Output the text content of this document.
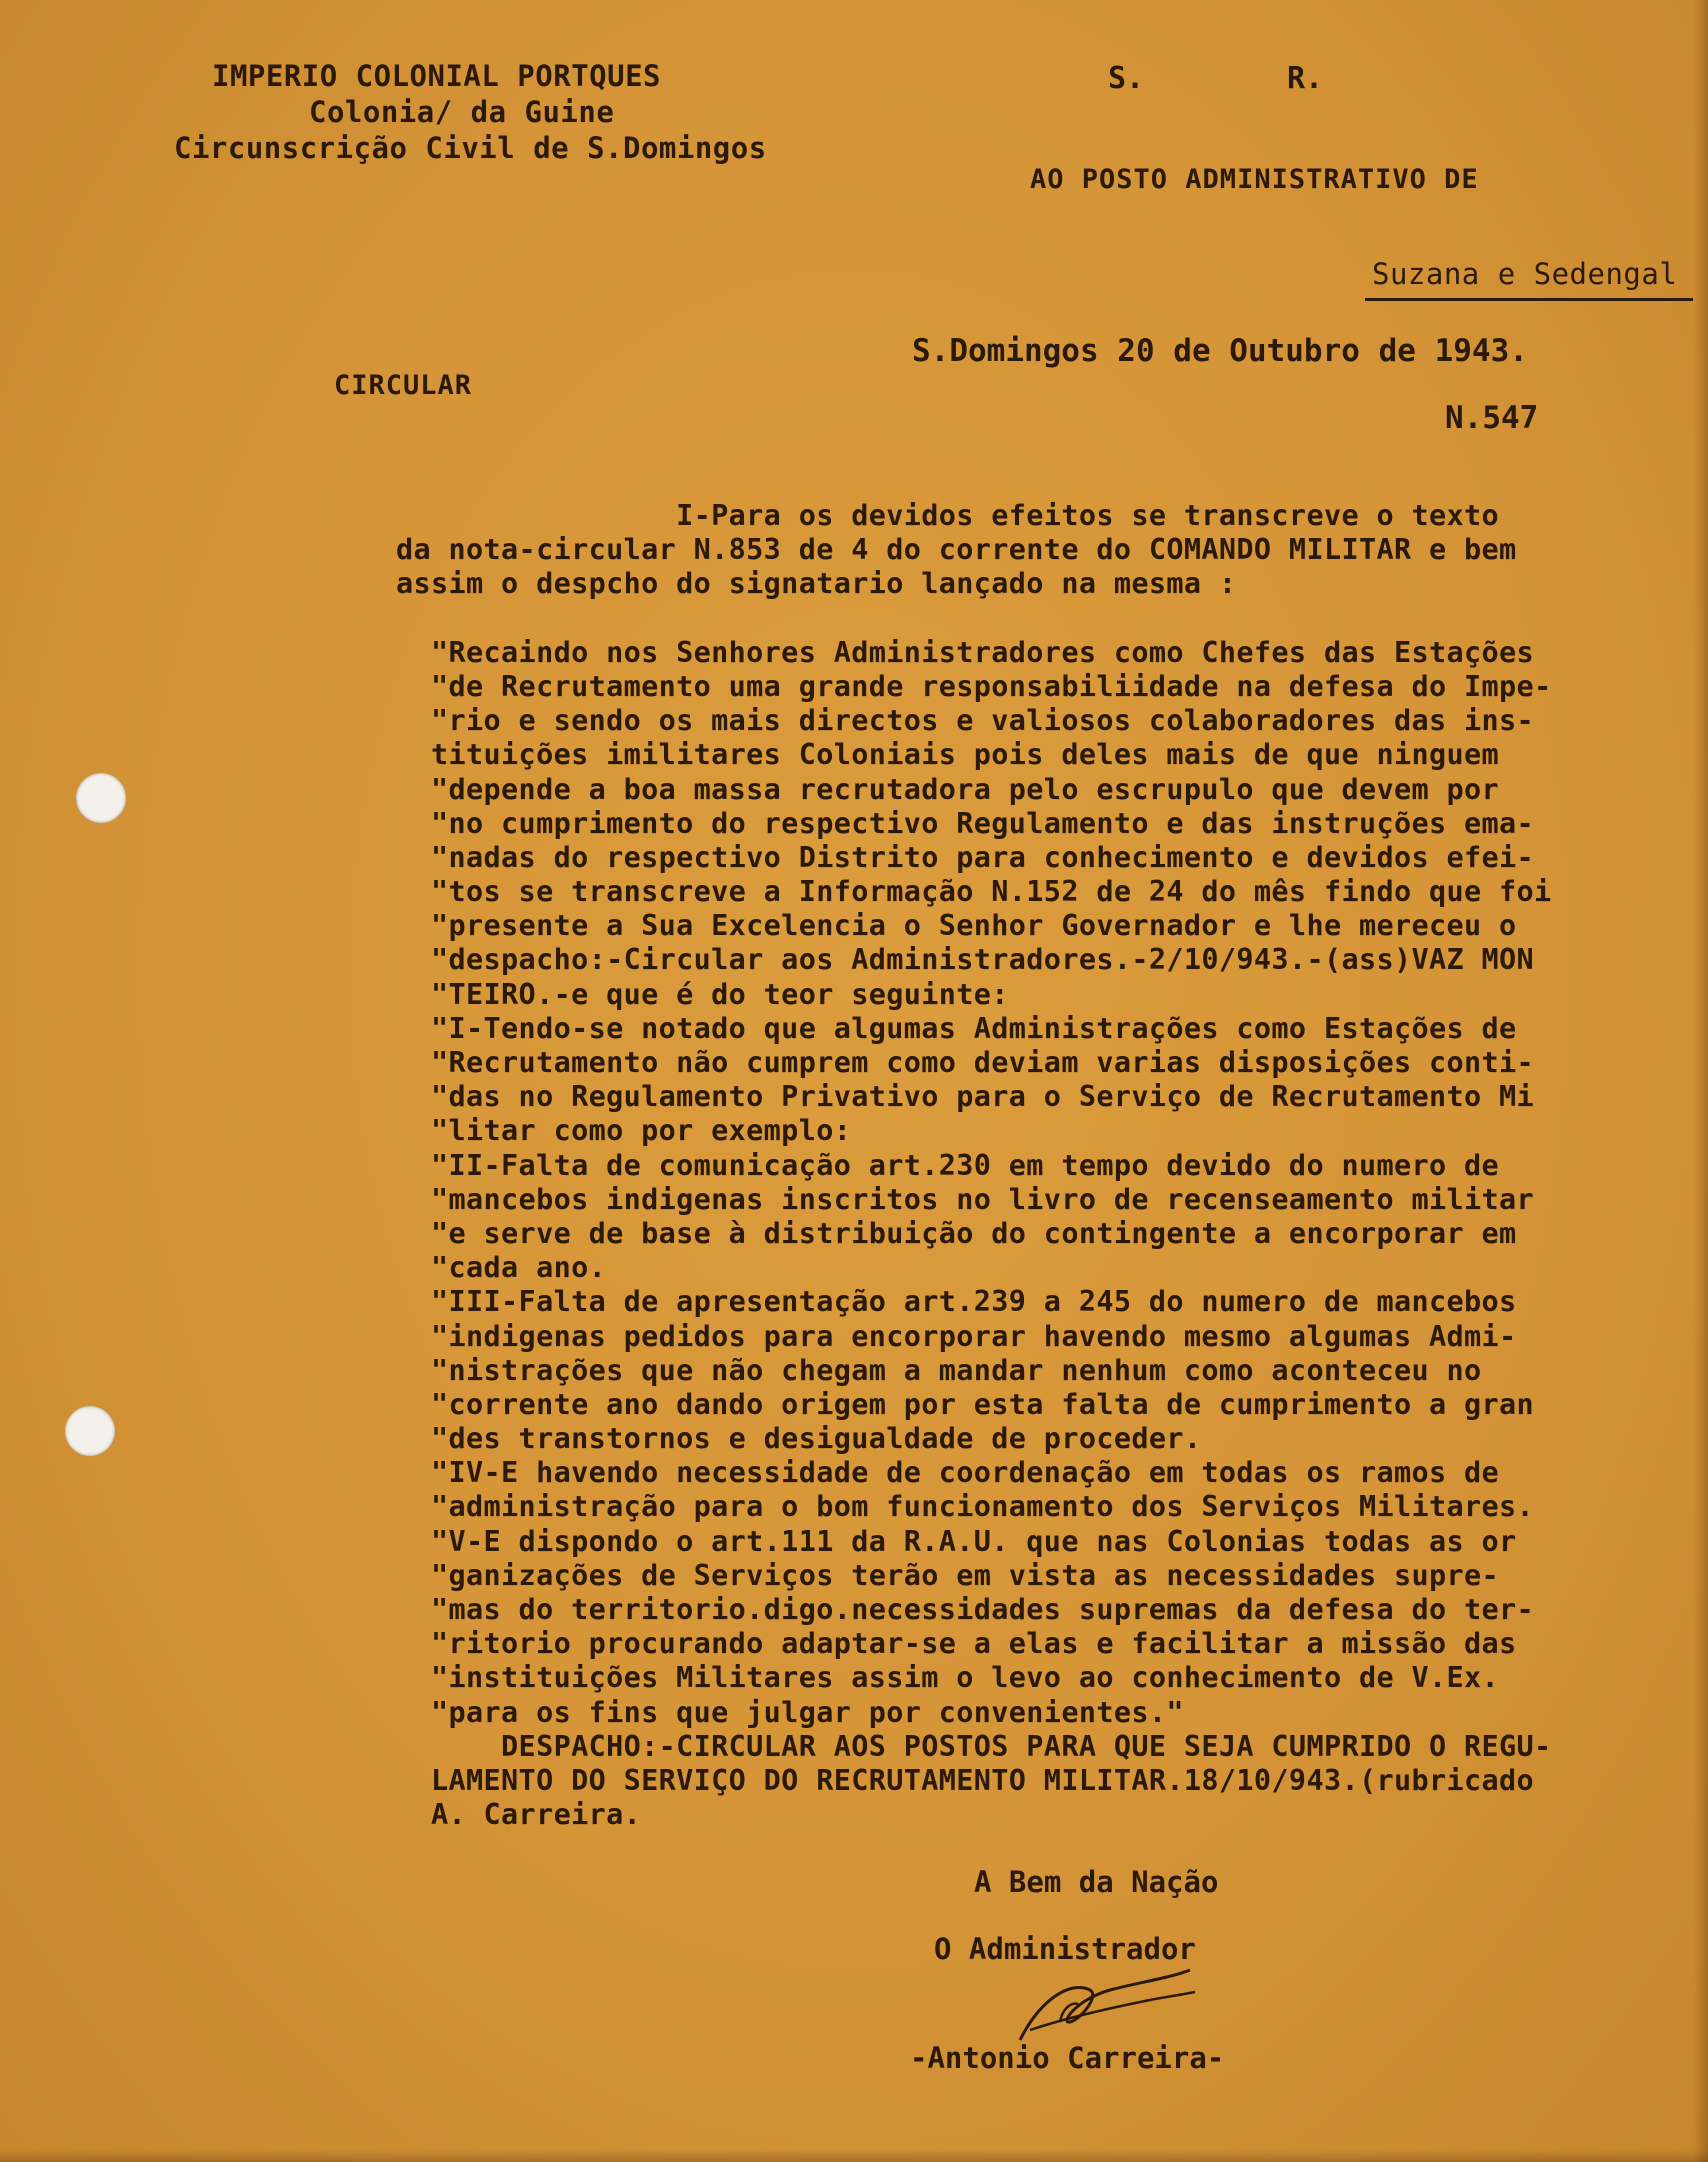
IMPERIO COLONIAL PORTQUES
Colonia/ da Guine
Circunscrição Civil de S.Domingos
S.	R.
AO POSTO ADMINISTRATIVO DE
Suzana e Sedengal
S.Domingos 20 de Outubro de 1943.
CIRCULAR
N.547
I-Para os devidos efeitos se transcreve o texto
da nota-circular N.853 de 4 do corrente do COMANDO MILITAR e bem
assim o despcho do signatario lançado na mesma :
"Recaindo nos Senhores Administradores como Chefes das Estações
"de Recrutamento uma grande responsabiliidade na defesa do Impe-
"rio e sendo os mais directos e valiosos colaboradores das ins-
tituições imilitares Coloniais pois deles mais de que ninguem
"depende a boa massa recrutadora pelo escrupulo que devem por
"no cumprimento do respectivo Regulamento e das instruções ema-
"nadas do respectivo Distrito para conhecimento e devidos efei-
"tos se transcreve a Informação N.152 de 24 do mês findo que foi
"presente a Sua Excelencia o Senhor Governador e lhe mereceu o
"despacho:-Circular aos Administradores.-2/10/943.-(ass)VAZ MON
"TEIRO.-e que é do teor seguinte:
"I-Tendo-se notado que algumas Administrações como Estações de
"Recrutamento não cumprem como deviam varias disposições conti-
"das no Regulamento Privativo para o Serviço de Recrutamento Mi
"litar como por exemplo:
"II-Falta de comunicação art.230 em tempo devido do numero de
"mancebos indigenas inscritos no livro de recenseamento militar
"e serve de base à distribuição do contingente a encorporar em
"cada ano.
"III-Falta de apresentação art.239 a 245 do numero de mancebos
"indigenas pedidos para encorporar havendo mesmo algumas Admi-
"nistrações que não chegam a mandar nenhum como aconteceu no
"corrente ano dando origem por esta falta de cumprimento a gran
"des transtornos e desigualdade de proceder.
"IV-E havendo necessidade de coordenação em todas os ramos de
"administração para o bom funcionamento dos Serviços Militares.
"V-E dispondo o art.111 da R.A.U. que nas Colonias todas as or
"ganizações de Serviços terão em vista as necessidades supre-
"mas do territorio.digo.necessidades supremas da defesa do ter-
"ritorio procurando adaptar-se a elas e facilitar a missão das
"instituições Militares assim o levo ao conhecimento de V.Ex.
"para os fins que julgar por convenientes."
DESPACHO:-CIRCULAR AOS POSTOS PARA QUE SEJA CUMPRIDO O REGU-
LAMENTO DO SERVIÇO DO RECRUTAMENTO MILITAR.18/10/943.(rubricado
A. Carreira.
A Bem da Nação
O Administrador
-Antonio Carreira-
